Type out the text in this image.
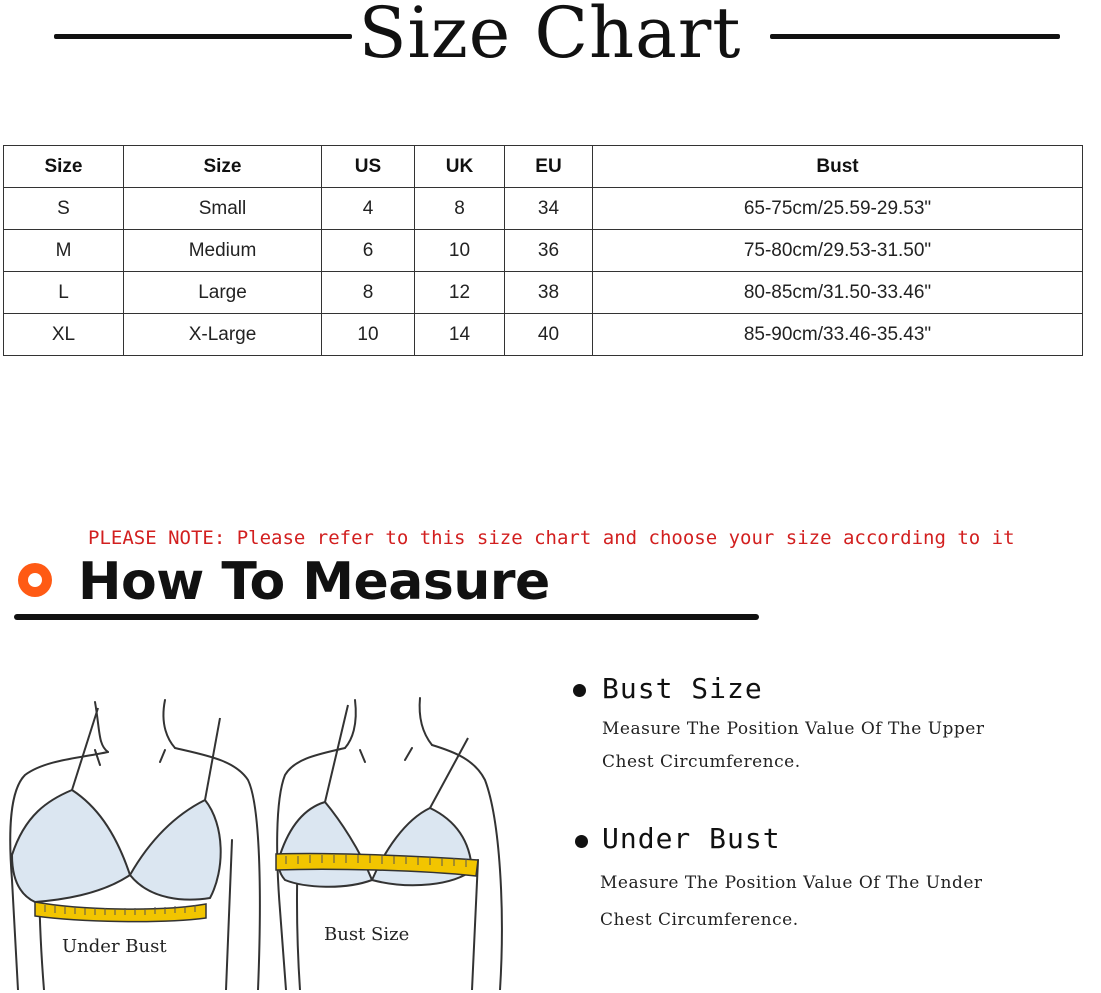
Size Chart
Size	Size	US	UK	EU	Bust
S	Small	4	8	34	65-75cm/25.59-29.53"
M	Medium	6	10	36	75-80cm/29.53-31.50"
L	Large	8	12	38	80-85cm/31.50-33.46"
XL	X-Large	10	14	40	85-90cm/33.46-35.43"
PLEASE NOTE: Please refer to this size chart and choose your size according to it
How To Measure
Under Bust
Bust Size
Bust Size
Measure The Position Value Of The Upper
Chest Circumference.
Under Bust
Measure The Position Value Of The Under
Chest Circumference.
